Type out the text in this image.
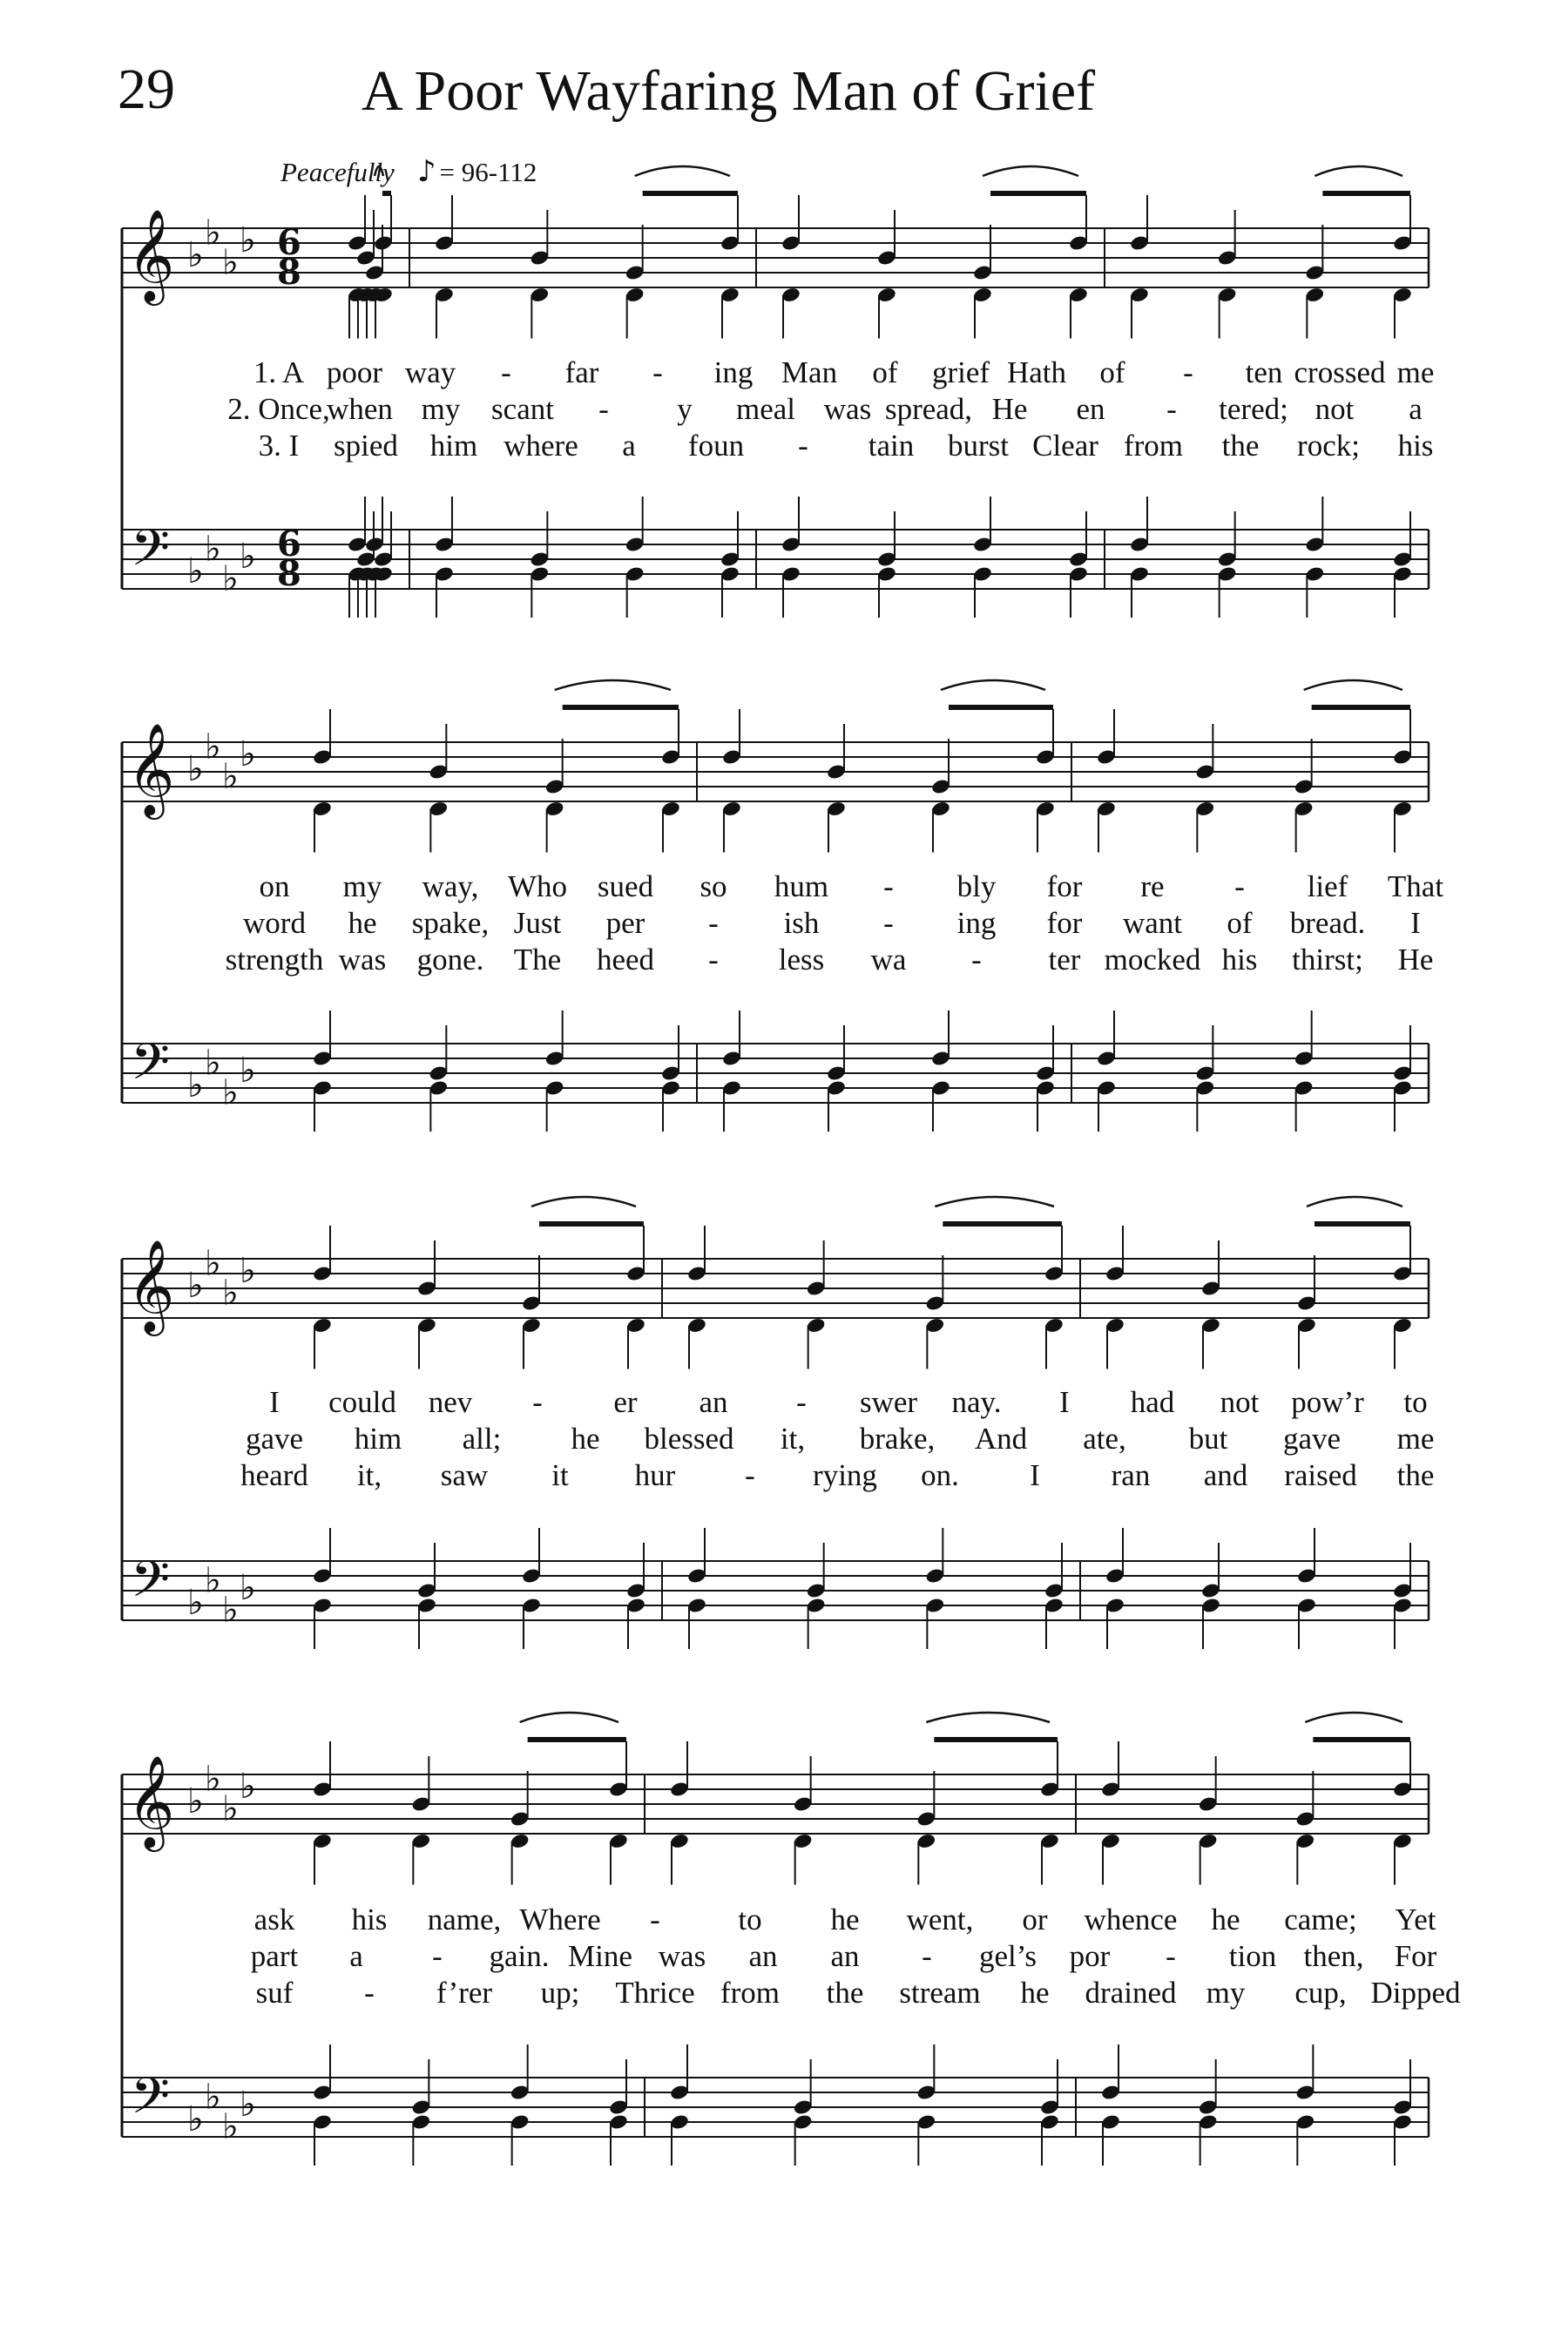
29	A Poor Wayfaring Man of Grief
Peacefully ♪ = 96-112
𝄞
𝄢
♭
♭
♭
♭
♭
♭
♭
♭
6
6
8
8
𝄞
𝄢
♭
♭
♭
♭
♭
♭
♭
♭
𝄞
𝄢
♭
♭
♭
♭
♭
♭
♭
♭
𝄞
𝄢
♭
♭
♭
♭
♭
♭
♭
♭
1. A poor way - far - ing Man of grief Hath of - ten crossed me
2. Once,
when my scant - y meal was spread, He en - tered; not a
3. I spied him where a foun - tain burst Clear from the rock; his
on my way, Who sued so hum - bly for re - lief That
word he spake, Just per - ish - ing for want of bread. I
strength was gone. The heed - less wa - ter mocked his thirst; He
I could nev - er an - swer nay. I had not pow’r to
gave him all; he blessed it, brake, And ate, but gave me
heard it, saw it hur - rying on. I ran and raised the
ask his name, Where -	to he went, or whence he came; Yet
part a - gain. Mine was an an - gel’s por - tion then, For
suf - f’rer up; Thrice from the stream he drained my cup, Dipped
